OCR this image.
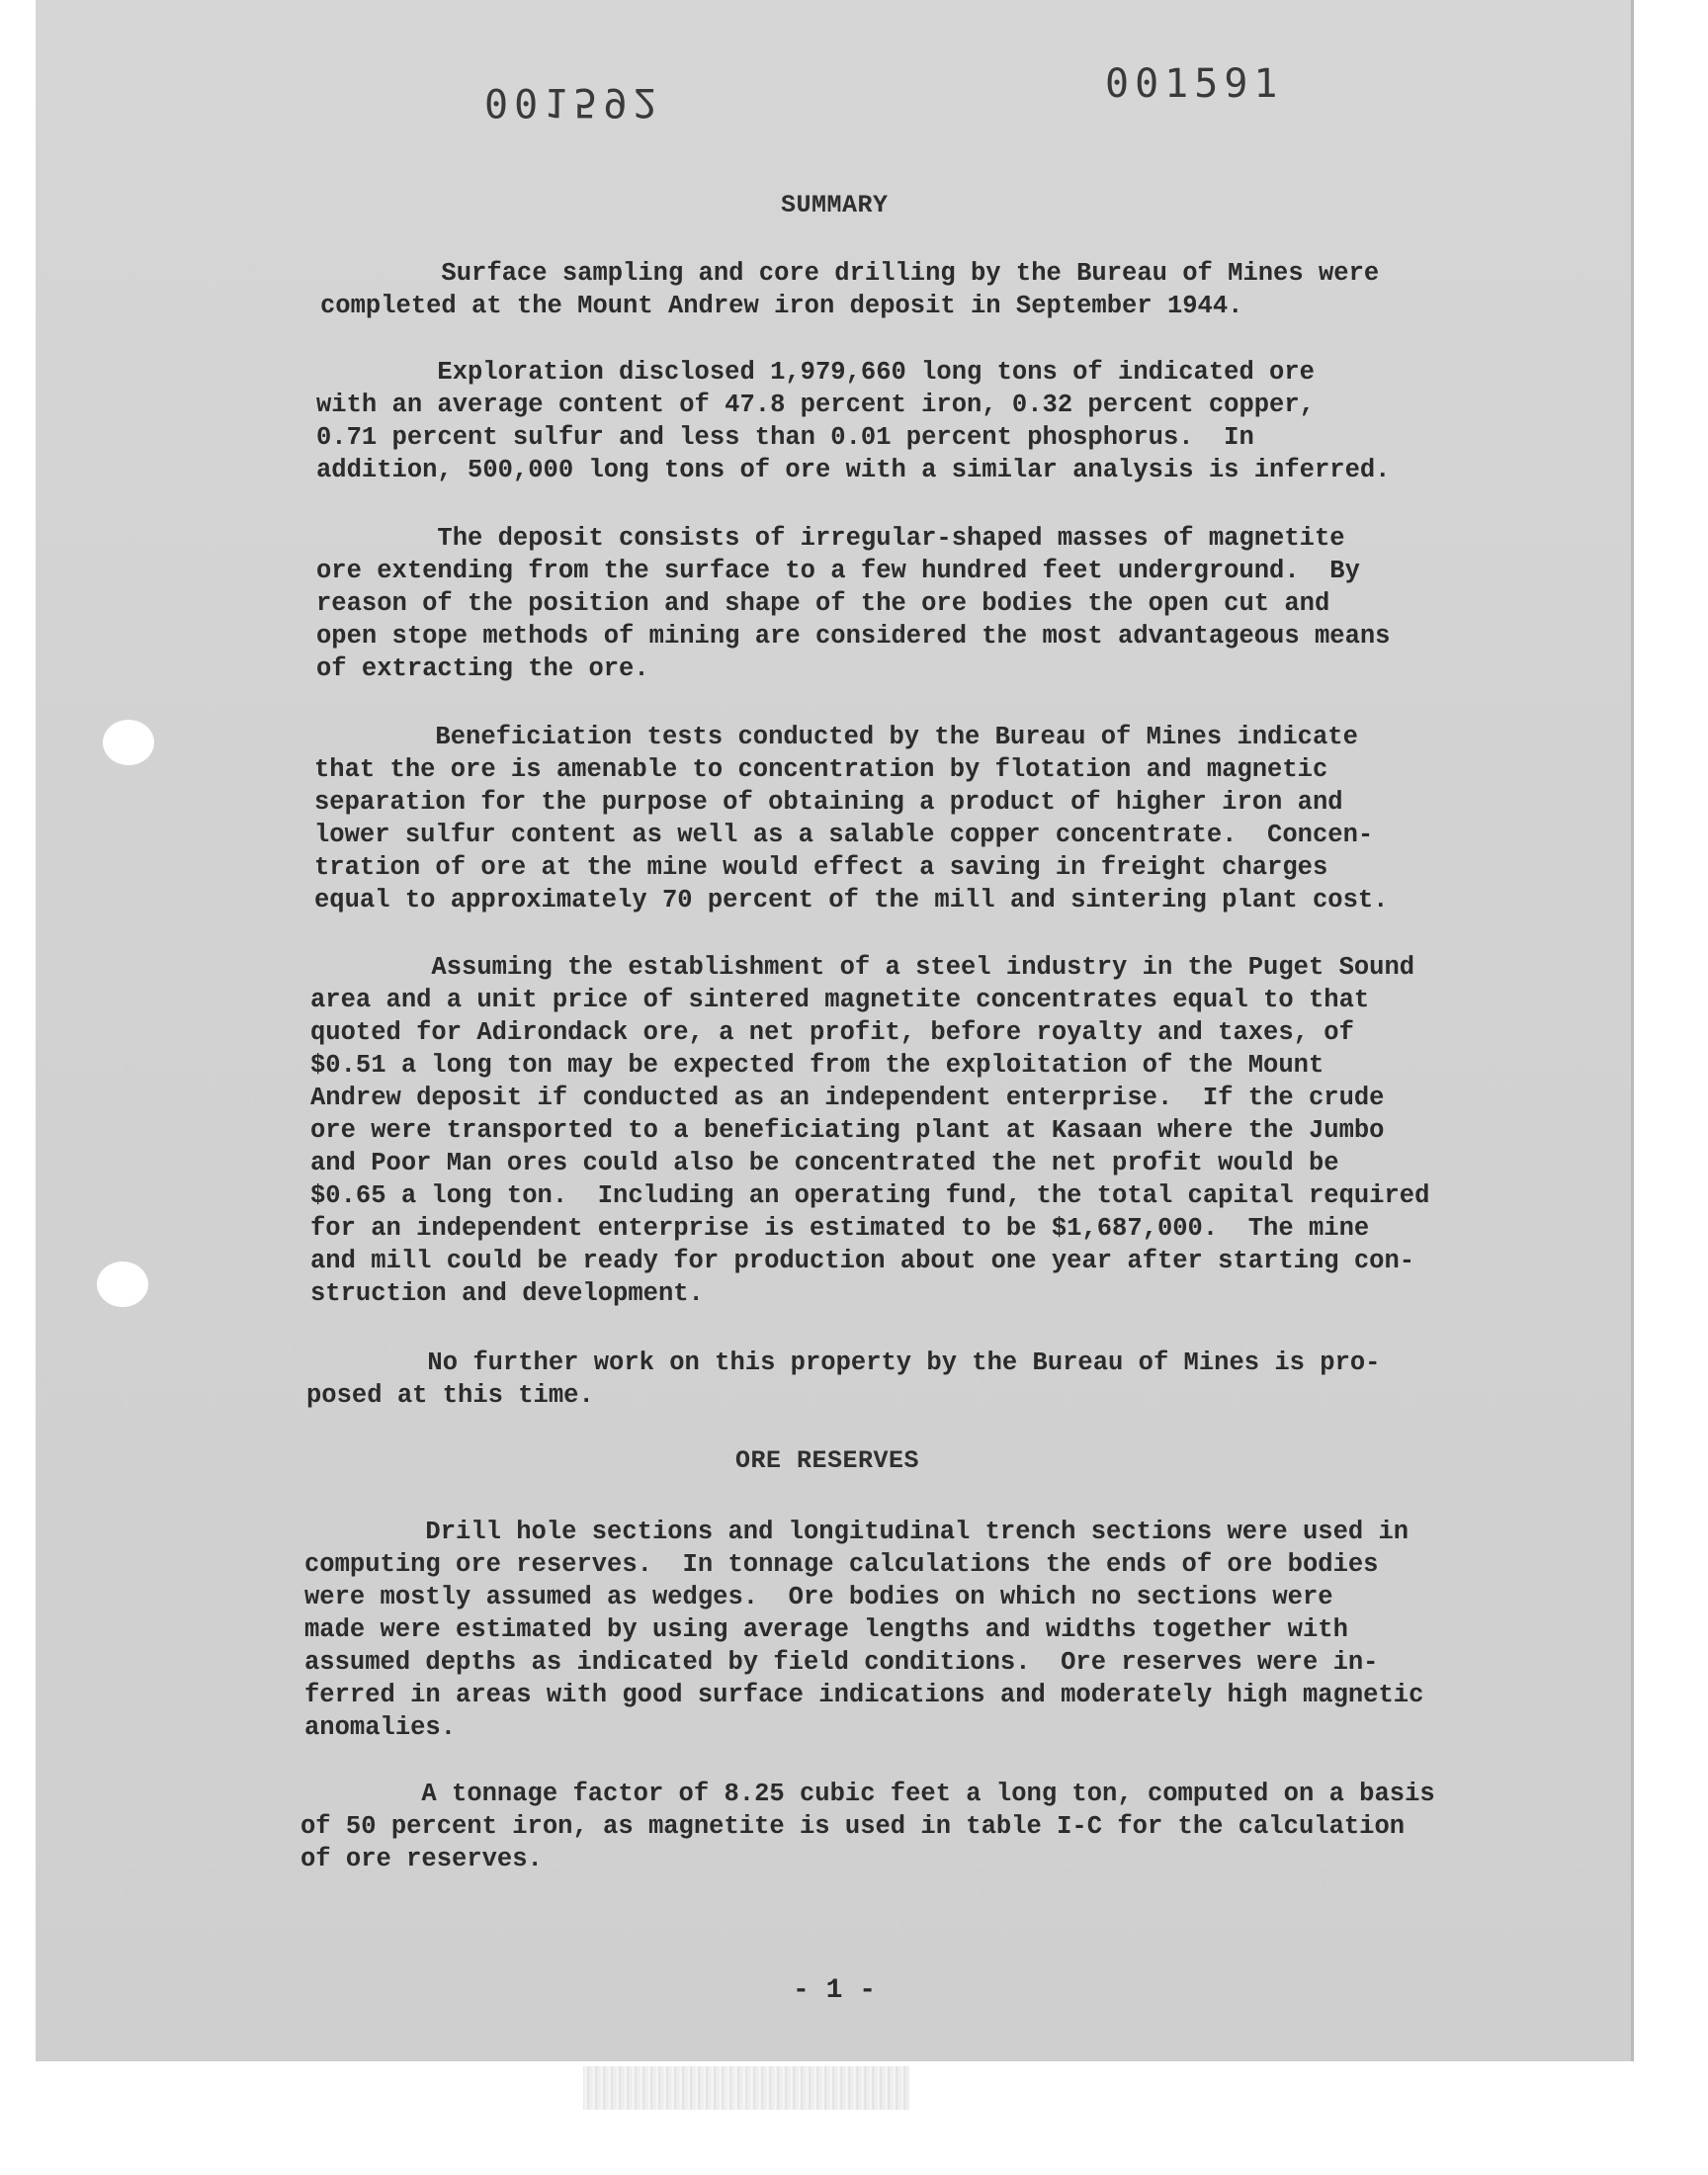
001592	001591
SUMMARY
Surface sampling and core drilling by the Bureau of Mines were
completed at the Mount Andrew iron deposit in September 1944.
Exploration disclosed 1,979,660 long tons of indicated ore
with an average content of 47.8 percent iron, 0.32 percent copper,
0.71 percent sulfur and less than 0.01 percent phosphorus.  In
addition, 500,000 long tons of ore with a similar analysis is inferred.
The deposit consists of irregular-shaped masses of magnetite
ore extending from the surface to a few hundred feet underground.  By
reason of the position and shape of the ore bodies the open cut and
open stope methods of mining are considered the most advantageous means
of extracting the ore.
Beneficiation tests conducted by the Bureau of Mines indicate
that the ore is amenable to concentration by flotation and magnetic
separation for the purpose of obtaining a product of higher iron and
lower sulfur content as well as a salable copper concentrate.  Concen-
tration of ore at the mine would effect a saving in freight charges
equal to approximately 70 percent of the mill and sintering plant cost.
Assuming the establishment of a steel industry in the Puget Sound
area and a unit price of sintered magnetite concentrates equal to that
quoted for Adirondack ore, a net profit, before royalty and taxes, of
$0.51 a long ton may be expected from the exploitation of the Mount
Andrew deposit if conducted as an independent enterprise.  If the crude
ore were transported to a beneficiating plant at Kasaan where the Jumbo
and Poor Man ores could also be concentrated the net profit would be
$0.65 a long ton.  Including an operating fund, the total capital required
for an independent enterprise is estimated to be $1,687,000.  The mine
and mill could be ready for production about one year after starting con-
struction and development.
No further work on this property by the Bureau of Mines is pro-
posed at this time.
ORE RESERVES
Drill hole sections and longitudinal trench sections were used in
computing ore reserves.  In tonnage calculations the ends of ore bodies
were mostly assumed as wedges.  Ore bodies on which no sections were
made were estimated by using average lengths and widths together with
assumed depths as indicated by field conditions.  Ore reserves were in-
ferred in areas with good surface indications and moderately high magnetic
anomalies.
A tonnage factor of 8.25 cubic feet a long ton, computed on a basis
of 50 percent iron, as magnetite is used in table I-C for the calculation
of ore reserves.
- 1 -
